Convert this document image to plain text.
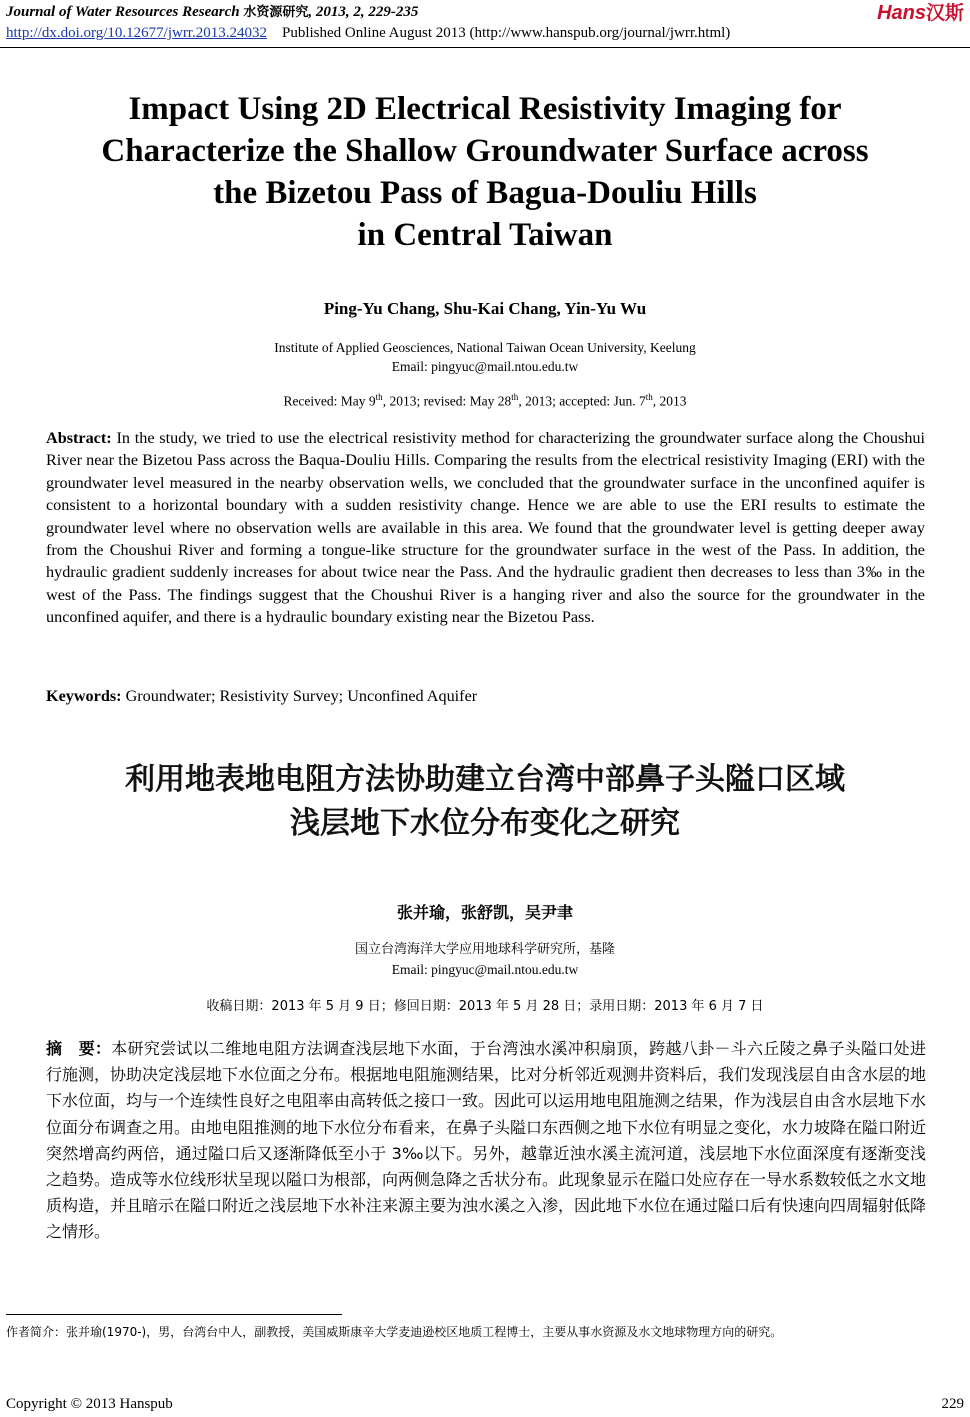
Journal of Water Resources Research 水资源研究, 2013, 2, 229-235
http://dx.doi.org/10.12677/jwrr.2013.24032 Published Online August 2013 (http://www.hanspub.org/journal/jwrr.html)
Hans汉斯
Impact Using 2D Electrical Resistivity Imaging for
Characterize the Shallow Groundwater Surface across
the Bizetou Pass of Bagua-Douliu Hills
in Central Taiwan
Ping-Yu Chang, Shu-Kai Chang, Yin-Yu Wu
Institute of Applied Geosciences, National Taiwan Ocean University, Keelung
Email: pingyuc@mail.ntou.edu.tw
Received: May 9th, 2013; revised: May 28th, 2013; accepted: Jun. 7th, 2013
Abstract: In the study, we tried to use the electrical resistivity method for characterizing the groundwater surface along the Choushui River near the Bizetou Pass across the Baqua-Douliu Hills. Comparing the results from the electrical resistivity Imaging (ERI) with the groundwater level measured in the nearby observation wells, we concluded that the groundwater surface in the unconfined aquifer is consistent to a horizontal boundary with a sudden resistivity change. Hence we are able to use the ERI results to estimate the groundwater level where no observation wells are available in this area. We found that the groundwater level is getting deeper away from the Choushui River and forming a tongue-like structure for the groundwater surface in the west of the Pass. In addition, the hydraulic gradient suddenly increases for about twice near the Pass. And the hydraulic gradient then decreases to less than 3‰ in the west of the Pass. The findings suggest that the Choushui River is a hanging river and also the source for the groundwater in the unconfined aquifer, and there is a hydraulic boundary existing near the Bizetou Pass.
Keywords: Groundwater; Resistivity Survey; Unconfined Aquifer
利用地表地电阻方法协助建立台湾中部鼻子头隘口区域
浅层地下水位分布变化之研究
张并瑜，张舒凯，吴尹聿
国立台湾海洋大学应用地球科学研究所，基隆
Email: pingyuc@mail.ntou.edu.tw
收稿日期：2013 年 5 月 9 日；修回日期：2013 年 5 月 28 日；录用日期：2013 年 6 月 7 日
摘　要：本研究尝试以二维地电阻方法调查浅层地下水面，于台湾浊水溪冲积扇顶，跨越八卦－斗六丘陵之鼻子头隘口处进行施测，协助决定浅层地下水位面之分布。根据地电阻施测结果，比对分析邻近观测井资料后，我们发现浅层自由含水层的地下水位面，均与一个连续性良好之电阻率由高转低之接口一致。因此可以运用地电阻施测之结果，作为浅层自由含水层地下水位面分布调查之用。由地电阻推测的地下水位分布看来，在鼻子头隘口东西侧之地下水位有明显之变化，水力坡降在隘口附近突然增高约两倍，通过隘口后又逐渐降低至小于 3‰以下。另外，越靠近浊水溪主流河道，浅层地下水位面深度有逐渐变浅之趋势。造成等水位线形状呈现以隘口为根部，向两侧急降之舌状分布。此现象显示在隘口处应存在一导水系数较低之水文地质构造，并且暗示在隘口附近之浅层地下水补注来源主要为浊水溪之入渗，因此地下水位在通过隘口后有快速向四周辐射低降之情形。
作者简介：张并瑜(1970-)，男，台湾台中人，副教授，美国威斯康辛大学麦迪逊校区地质工程博士，主要从事水资源及水文地球物理方向的研究。
Copyright © 2013 Hanspub	229
